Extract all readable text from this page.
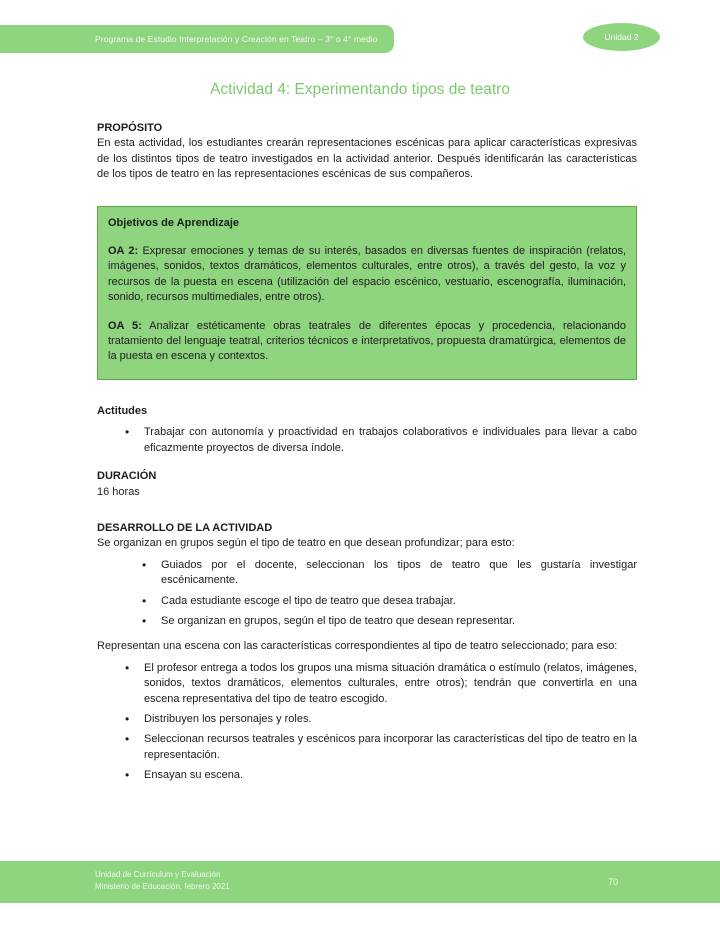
Programa de Estudio Interpretación y Creación en Teatro – 3° o 4° medio	Unidad 2
Actividad 4: Experimentando tipos de teatro

PROPÓSITO

En esta actividad, los estudiantes crearán representaciones escénicas para aplicar características expresivas de los distintos tipos de teatro investigados en la actividad anterior. Después identificarán las características de los tipos de teatro en las representaciones escénicas de sus compañeros.

Objetivos de Aprendizaje

OA 2: Expresar emociones y temas de su interés, basados en diversas fuentes de inspiración (relatos, imágenes, sonidos, textos dramáticos, elementos culturales, entre otros), a través del gesto, la voz y recursos de la puesta en escena (utilización del espacio escénico, vestuario, escenografía, iluminación, sonido, recursos multimediales, entre otros).

OA 5: Analizar estéticamente obras teatrales de diferentes épocas y procedencia, relacionando tratamiento del lenguaje teatral, criterios técnicos e interpretativos, propuesta dramatúrgica, elementos de la puesta en escena y contextos.

Actitudes

• Trabajar con autonomía y proactividad en trabajos colaborativos e individuales para llevar a cabo eficazmente proyectos de diversa índole.

DURACIÓN

16 horas

DESARROLLO DE LA ACTIVIDAD

Se organizan en grupos según el tipo de teatro en que desean profundizar; para esto:

• Guiados por el docente, seleccionan los tipos de teatro que les gustaría investigar escénicamente.
• Cada estudiante escoge el tipo de teatro que desea trabajar.
• Se organizan en grupos, según el tipo de teatro que desean representar.

Representan una escena con las características correspondientes al tipo de teatro seleccionado; para eso:

• El profesor entrega a todos los grupos una misma situación dramática o estímulo (relatos, imágenes, sonidos, textos dramáticos, elementos culturales, entre otros); tendrán que convertirla en una escena representativa del tipo de teatro escogido.
• Distribuyen los personajes y roles.
• Seleccionan recursos teatrales y escénicos para incorporar las características del tipo de teatro en la representación.
• Ensayan su escena.
Unidad de Currículum y Evaluación
Ministerio de Educación, febrero 2021	70
